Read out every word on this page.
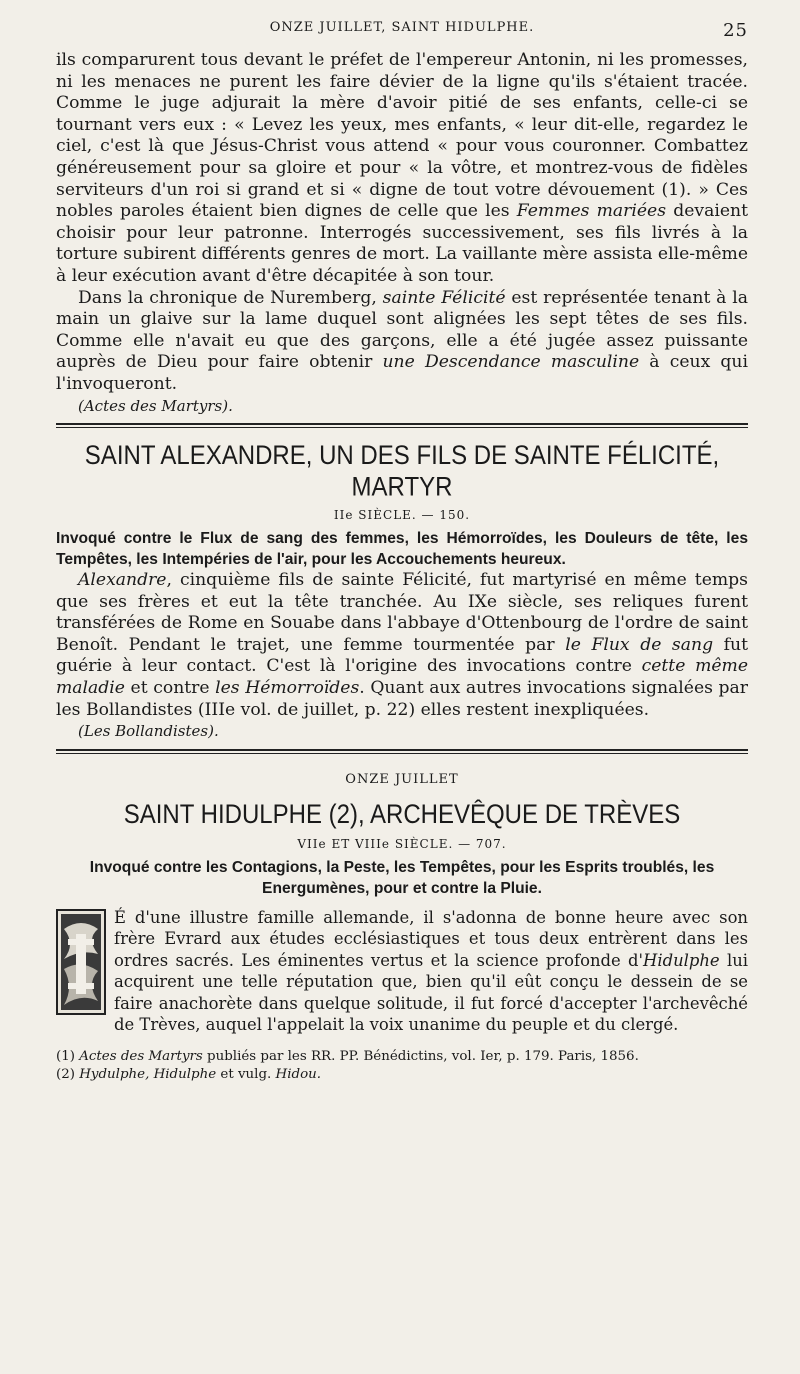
ONZE JUILLET, SAINT HIDULPHE.	25

ils comparurent tous devant le préfet de l'empereur Antonin, ni les promesses, ni les menaces ne purent les faire dévier de la ligne qu'ils s'étaient tracée. Comme le juge adjurait la mère d'avoir pitié de ses enfants, celle-ci se tournant vers eux : « Levez les yeux, mes enfants, « leur dit-elle, regardez le ciel, c'est là que Jésus-Christ vous attend « pour vous couronner. Combattez généreusement pour sa gloire et pour « la vôtre, et montrez-vous de fidèles serviteurs d'un roi si grand et si « digne de tout votre dévouement (1). » Ces nobles paroles étaient bien dignes de celle que les Femmes mariées devaient choisir pour leur patronne. Interrogés successivement, ses fils livrés à la torture subirent différents genres de mort. La vaillante mère assista elle-même à leur exécution avant d'être décapitée à son tour.

Dans la chronique de Nuremberg, sainte Félicité est représentée tenant à la main un glaive sur la lame duquel sont alignées les sept têtes de ses fils. Comme elle n'avait eu que des garçons, elle a été jugée assez puissante auprès de Dieu pour faire obtenir une Descendance masculine à ceux qui l'invoqueront.

(Actes des Martyrs).

SAINT ALEXANDRE, UN DES FILS DE SAINTE FÉLICITÉ, MARTYR
IIe SIÈCLE. — 150.

Invoqué contre le Flux de sang des femmes, les Hémorroïdes, les Douleurs de tête, les Tempêtes, les Intempéries de l'air, pour les Accouchements heureux.

Alexandre, cinquième fils de sainte Félicité, fut martyrisé en même temps que ses frères et eut la tête tranchée. Au IXe siècle, ses reliques furent transférées de Rome en Souabe dans l'abbaye d'Ottenbourg de l'ordre de saint Benoît. Pendant le trajet, une femme tourmentée par le Flux de sang fut guérie à leur contact. C'est là l'origine des invocations contre cette même maladie et contre les Hémorroïdes. Quant aux autres invocations signalées par les Bollandistes (IIIe vol. de juillet, p. 22) elles restent inexpliquées.

(Les Bollandistes).

ONZE JUILLET
SAINT HIDULPHE (2), ARCHEVÊQUE DE TRÈVES
VIIe ET VIIIe SIÈCLE. — 707.

Invoqué contre les Contagions, la Peste, les Tempêtes, pour les Esprits troublés, les Energumènes, pour et contre la Pluie.

É d'une illustre famille allemande, il s'adonna de bonne heure avec son frère Evrard aux études ecclésiastiques et tous deux entrèrent dans les ordres sacrés. Les éminentes vertus et la science profonde d'Hidulphe lui acquirent une telle réputation que, bien qu'il eût conçu le dessein de se faire anachorète dans quelque solitude, il fut forcé d'accepter l'archevêché de Trèves, auquel l'appelait la voix unanime du peuple et du clergé.

(1) Actes des Martyrs publiés par les RR. PP. Bénédictins, vol. Ier, p. 179. Paris, 1856.

(2) Hydulphe, Hidulphe et vulg. Hidou.
